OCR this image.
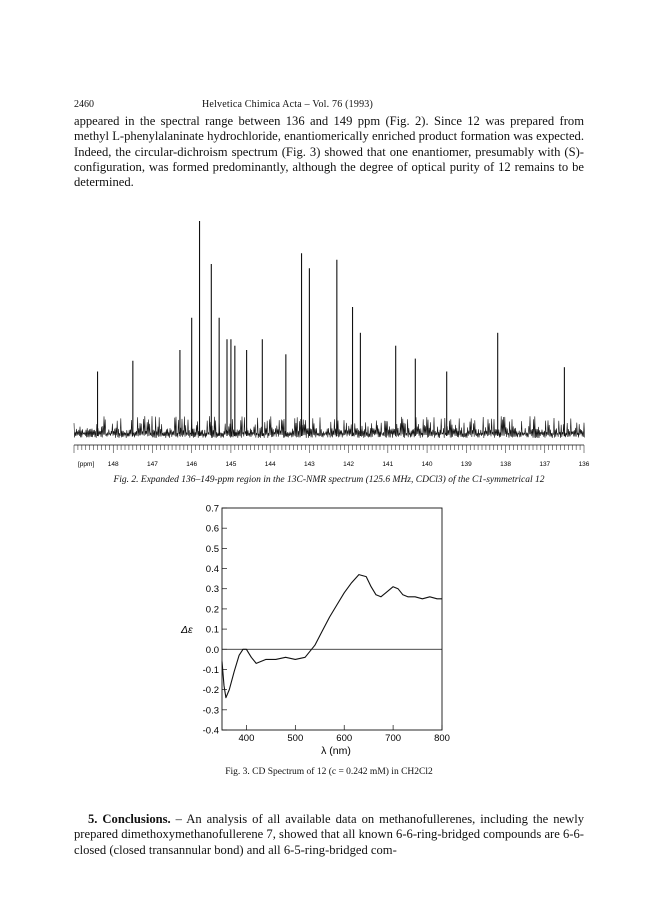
2460	Helvetica Chimica Acta – Vol. 76 (1993)

appeared in the spectral range between 136 and 149 ppm (Fig. 2). Since 12 was prepared from methyl L-phenylalaninate hydrochloride, enantiomerically enriched product formation was expected. Indeed, the circular-dichroism spectrum (Fig. 3) showed that one enantiomer, presumably with (S)-configuration, was formed predominantly, although the degree of optical purity of 12 remains to be determined.

[ppm] 148	147	146	145	144	143	142	141	140	139	138	137	136
Fig. 2. Expanded 136–149-ppm region in the 13C-NMR spectrum (125.6 MHz, CDCl3) of the C1-symmetrical 12
0.7
0.6
0.5
0.4
0.3
0.2
0.1
0.0
-0.1
-0.2
-0.3
-0.4
400	500	600	700	800
Δε
λ (nm)
Fig. 3. CD Spectrum of 12 (c = 0.242 mM) in CH2Cl2

5. Conclusions. – An analysis of all available data on methanofullerenes, including the newly prepared dimethoxymethanofullerene 7, showed that all known 6-6-ring-bridged compounds are 6-6-closed (closed transannular bond) and all 6-5-ring-bridged com-
